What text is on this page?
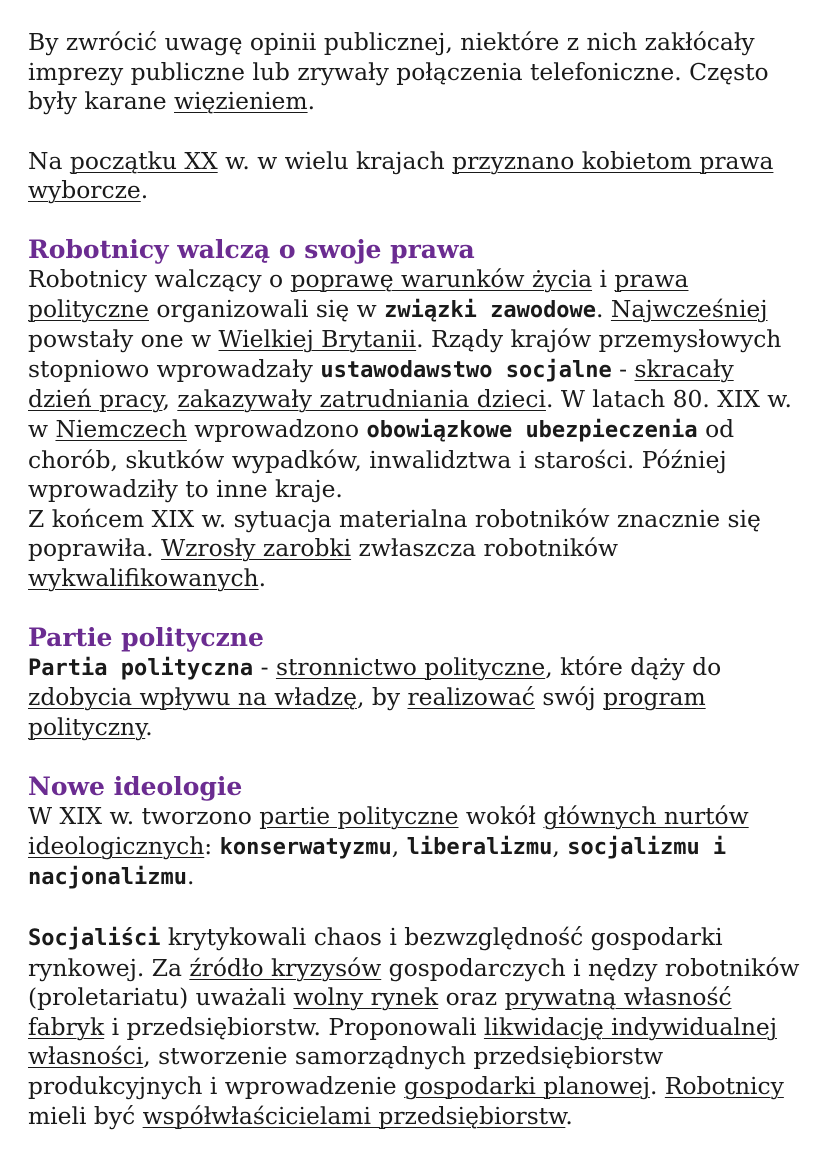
By zwrócić uwagę opinii publicznej, niektóre z nich zakłócały imprezy publiczne lub zrywały połączenia telefoniczne. Często były karane więzieniem.

Na początku XX w. w wielu krajach przyznano kobietom prawa wyborcze.

Robotnicy walczą o swoje prawa

Robotnicy walczący o poprawę warunków życia i prawa polityczne organizowali się w związki zawodowe. Najwcześniej powstały one w Wielkiej Brytanii. Rządy krajów przemysłowych stopniowo wprowadzały ustawodawstwo socjalne - skracały dzień pracy, zakazywały zatrudniania dzieci. W latach 80. XIX w. w Niemczech wprowadzono obowiązkowe ubezpieczenia od chorób, skutków wypadków, inwalidztwa i starości. Później wprowadziły to inne kraje.
Z końcem XIX w. sytuacja materialna robotników znacznie się poprawiła. Wzrosły zarobki zwłaszcza robotników wykwalifikowanych.

Partie polityczne

Partia polityczna - stronnictwo polityczne, które dąży do zdobycia wpływu na władzę, by realizować swój program polityczny.

Nowe ideologie

W XIX w. tworzono partie polityczne wokół głównych nurtów ideologicznych: konserwatyzmu, liberalizmu, socjalizmu i nacjonalizmu.

Socjaliści krytykowali chaos i bezwzględność gospodarki rynkowej. Za źródło kryzysów gospodarczych i nędzy robotników (proletariatu) uważali wolny rynek oraz prywatną własność fabryk i przedsiębiorstw. Proponowali likwidację indywidualnej własności, stworzenie samorządnych przedsiębiorstw produkcyjnych i wprowadzenie gospodarki planowej. Robotnicy mieli być współwłaścicielami przedsiębiorstw.
